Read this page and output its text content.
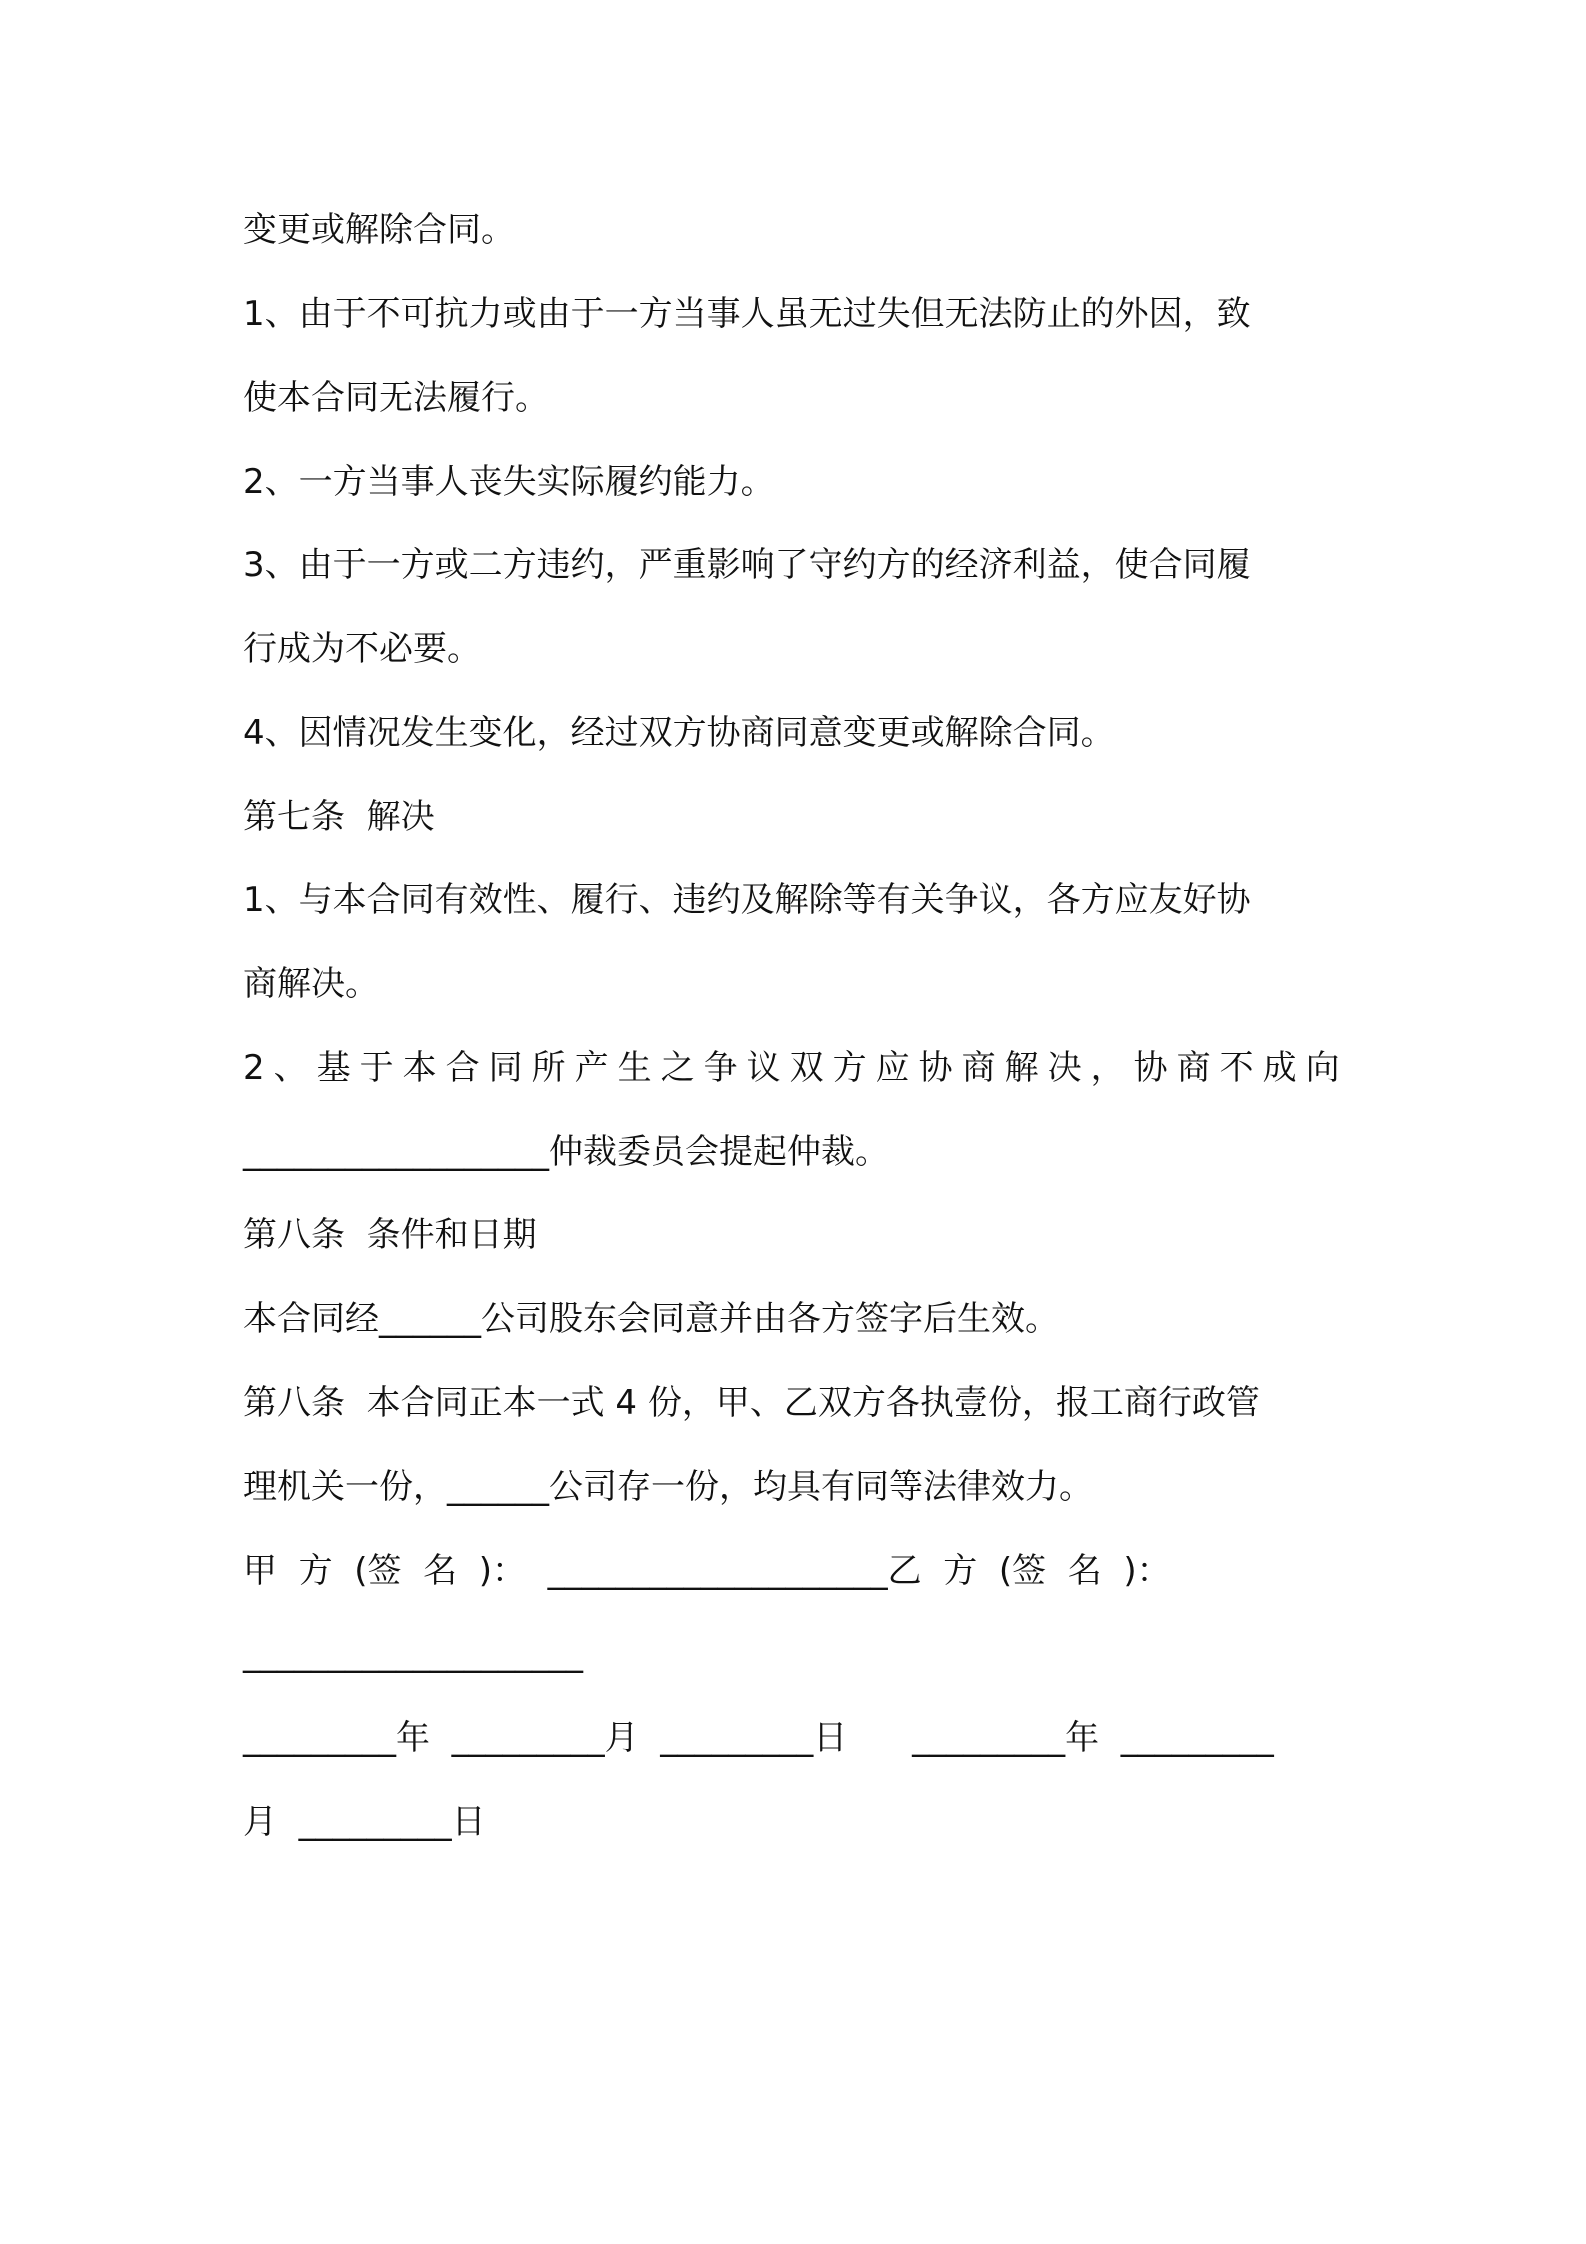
变更或解除合同。
1、由于不可抗力或由于一方当事人虽无过失但无法防止的外因，致
使本合同无法履行。
2、一方当事人丧失实际履约能力。
3、由于一方或二方违约，严重影响了守约方的经济利益，使合同履
行成为不必要。
4、因情况发生变化，经过双方协商同意变更或解除合同。
第七条  解决
1、与本合同有效性、履行、违约及解除等有关争议，各方应友好协
商解决。
2、基于本合同所产生之争议双方应协商解决，协商不成向
__________________仲裁委员会提起仲裁。
第八条  条件和日期
本合同经______公司股东会同意并由各方签字后生效。
第八条  本合同正本一式 4 份，甲、乙双方各执壹份，报工商行政管
理机关一份，______公司存一份，均具有同等法律效力。
甲  方  (签  名  )：  ____________________乙  方  (签  名  )：
____________________
_________年  _________月  _________日      _________年  _________
月  _________日
